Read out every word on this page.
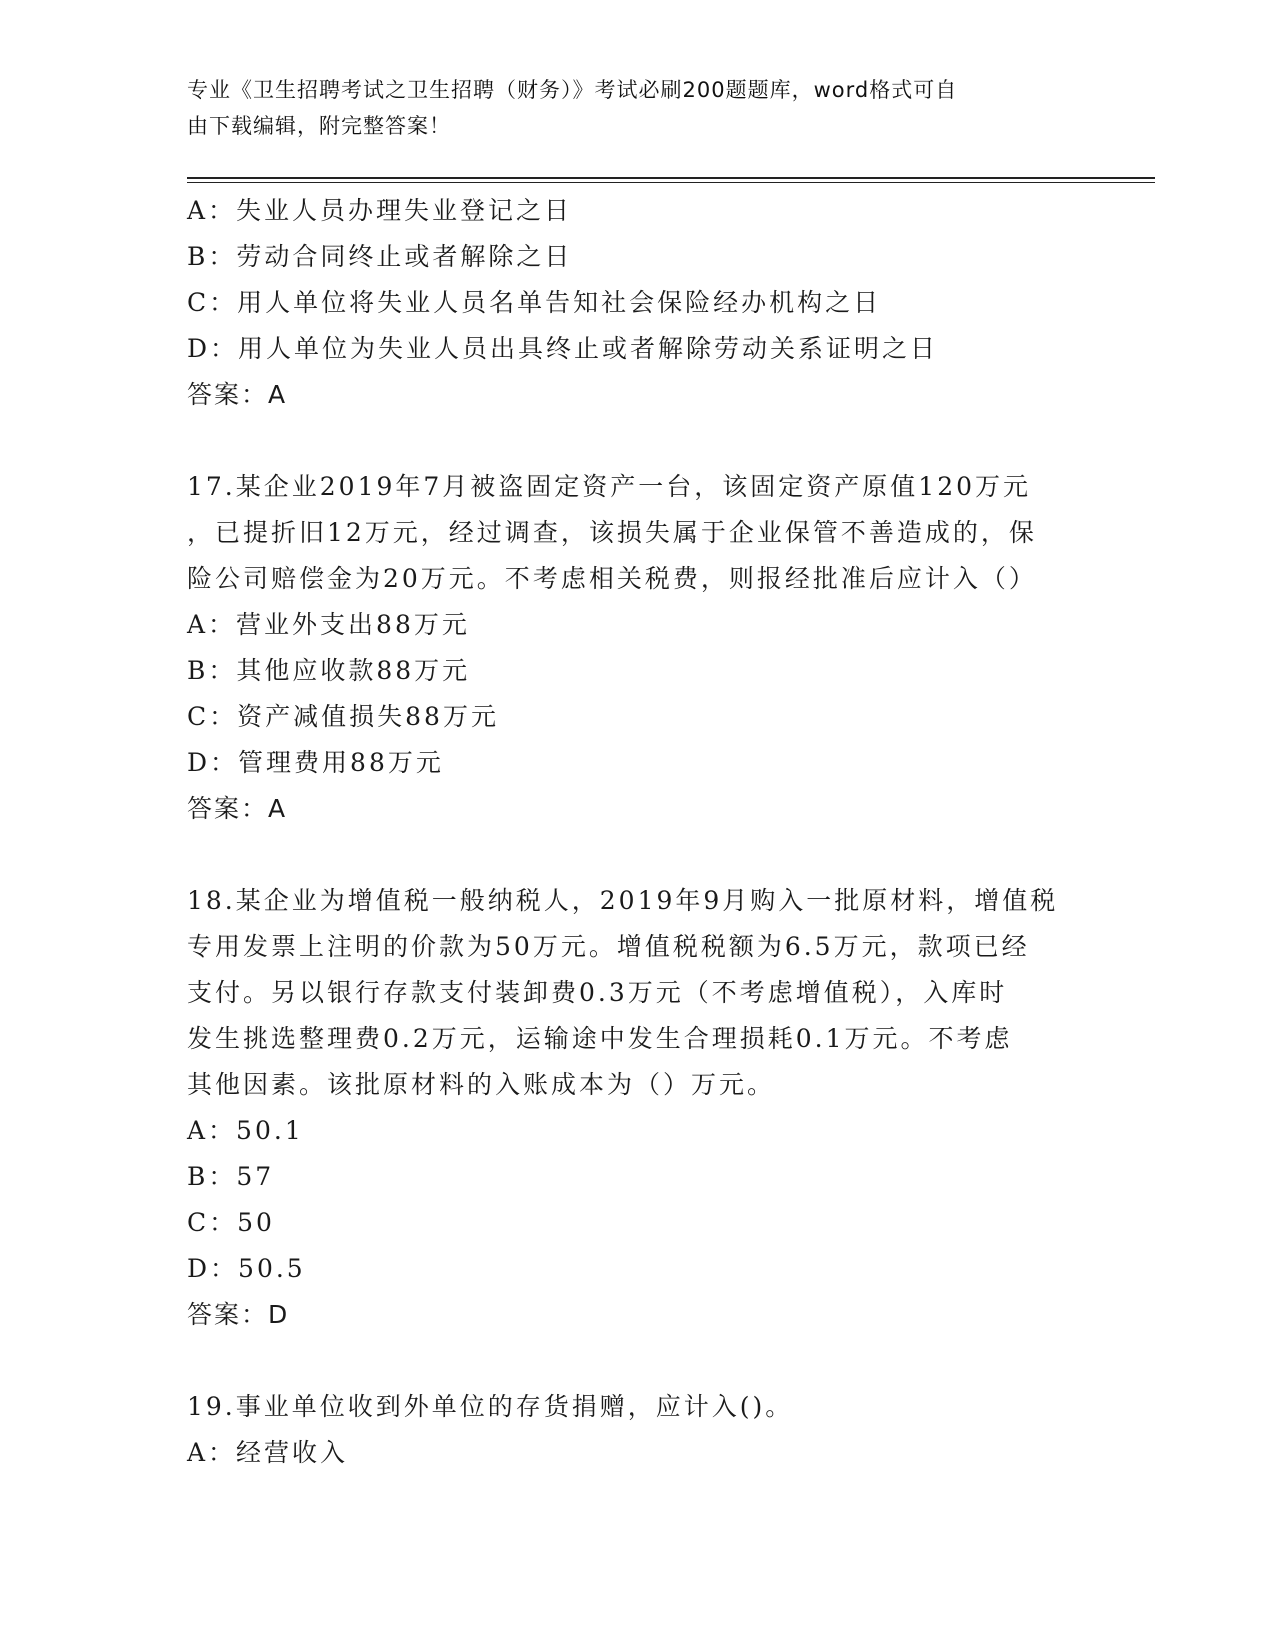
专业《卫生招聘考试之卫生招聘（财务）》考试必刷200题题库，word格式可自
由下载编辑，附完整答案！
A：失业人员办理失业登记之日
B：劳动合同终止或者解除之日
C：用人单位将失业人员名单告知社会保险经办机构之日
D：用人单位为失业人员出具终止或者解除劳动关系证明之日
答案：A
17.某企业2019年7月被盗固定资产一台，该固定资产原值120万元
，已提折旧12万元，经过调查，该损失属于企业保管不善造成的，保
险公司赔偿金为20万元。不考虑相关税费，则报经批准后应计入（）
A：营业外支出88万元
B：其他应收款88万元
C：资产减值损失88万元
D：管理费用88万元
答案：A
18.某企业为增值税一般纳税人，2019年9月购入一批原材料，增值税
专用发票上注明的价款为50万元。增值税税额为6.5万元，款项已经
支付。另以银行存款支付装卸费0.3万元（不考虑增值税），入库时
发生挑选整理费0.2万元，运输途中发生合理损耗0.1万元。不考虑
其他因素。该批原材料的入账成本为（）万元。
A：50.1
B：57
C：50
D：50.5
答案：D
19.事业单位收到外单位的存货捐赠，应计入()。
A：经营收入
